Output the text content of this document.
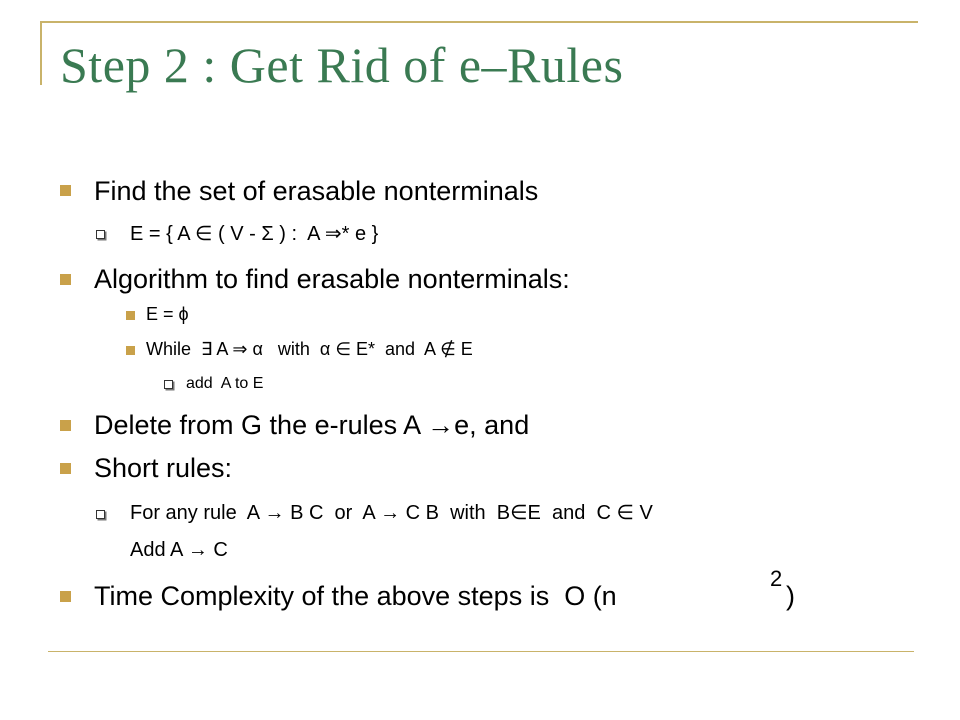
Step 2 : Get Rid of e–Rules
Find the set of erasable nonterminals
E = { A ∈ ( V - Σ ) :  A ⇒* e }
Algorithm to find erasable nonterminals:
E = ϕ
While  ∃ A ⇒ α   with  α ∈ E*  and  A ∉ E
add  A to E
Delete from G the e-rules A →e, and
Short rules:
For any rule  A → B C  or  A → C B  with  B∈E  and  C ∈ V
Add A → C
Time Complexity of the above steps is  O (n
2
)
